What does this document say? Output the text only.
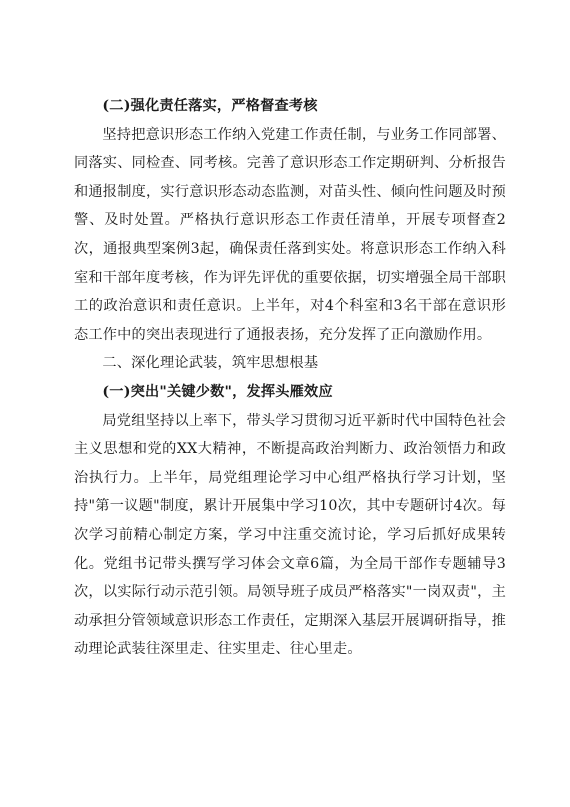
(二)强化责任落实，严格督查考核

坚持把意识形态工作纳入党建工作责任制，与业务工作同部署、同落实、同检查、同考核。完善了意识形态工作定期研判、分析报告和通报制度，实行意识形态动态监测，对苗头性、倾向性问题及时预警、及时处置。严格执行意识形态工作责任清单，开展专项督查2次，通报典型案例3起，确保责任落到实处。将意识形态工作纳入科室和干部年度考核，作为评先评优的重要依据，切实增强全局干部职工的政治意识和责任意识。上半年，对4个科室和3名干部在意识形态工作中的突出表现进行了通报表扬，充分发挥了正向激励作用。

二、深化理论武装，筑牢思想根基

(一)突出"关键少数"，发挥头雁效应

局党组坚持以上率下，带头学习贯彻习近平新时代中国特色社会主义思想和党的XX大精神，不断提高政治判断力、政治领悟力和政治执行力。上半年，局党组理论学习中心组严格执行学习计划，坚持"第一议题"制度，累计开展集中学习10次，其中专题研讨4次。每次学习前精心制定方案，学习中注重交流讨论，学习后抓好成果转化。党组书记带头撰写学习体会文章6篇，为全局干部作专题辅导3次，以实际行动示范引领。局领导班子成员严格落实"一岗双责"，主动承担分管领域意识形态工作责任，定期深入基层开展调研指导，推动理论武装往深里走、往实里走、往心里走。
